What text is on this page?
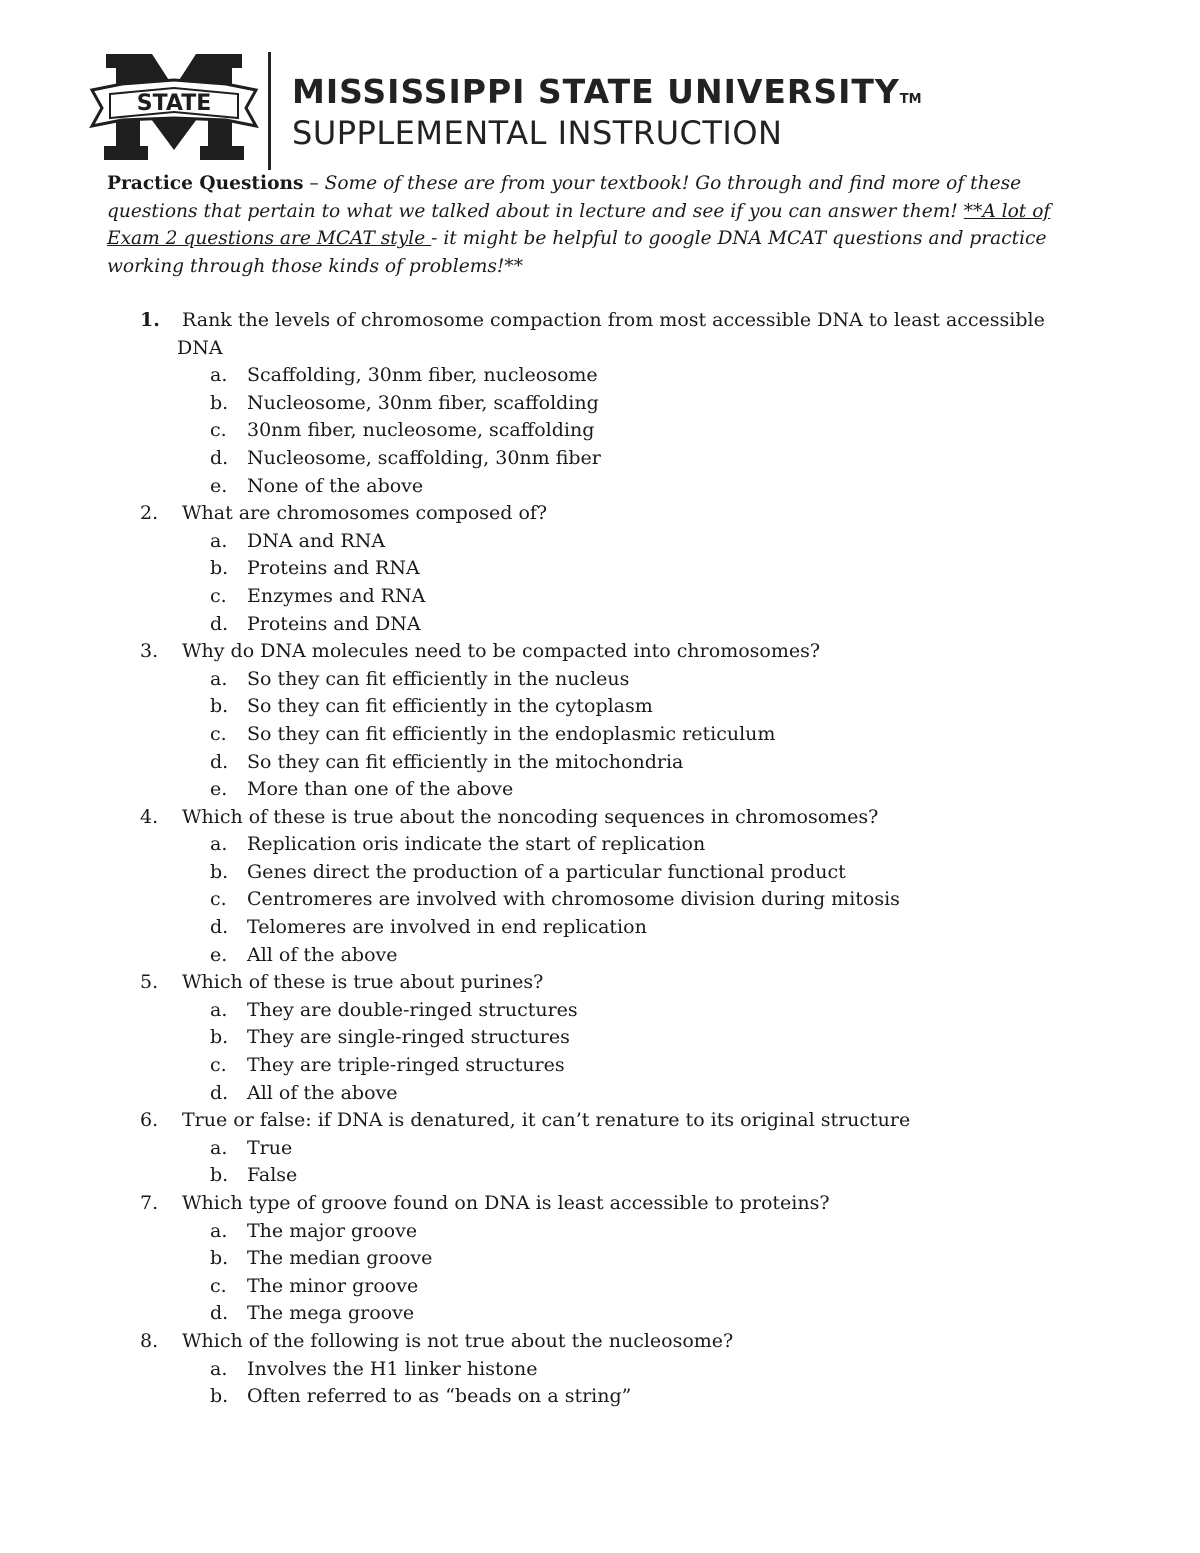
STATE MISSISSIPPI STATE UNIVERSITYTM
SUPPLEMENTAL INSTRUCTION
Practice Questions – Some of these are from your textbook! Go through and find more of these questions that pertain to what we talked about in lecture and see if you can answer them! **A lot of Exam 2 questions are MCAT style - it might be helpful to google DNA MCAT questions and practice working through those kinds of problems!**
1. Rank the levels of chromosome compaction from most accessible DNA to least accessible
DNA
a. Scaffolding, 30nm fiber, nucleosome
b. Nucleosome, 30nm fiber, scaffolding
c. 30nm fiber, nucleosome, scaffolding
d. Nucleosome, scaffolding, 30nm fiber
e. None of the above
2. What are chromosomes composed of?
a. DNA and RNA
b. Proteins and RNA
c. Enzymes and RNA
d. Proteins and DNA
3. Why do DNA molecules need to be compacted into chromosomes?
a. So they can fit efficiently in the nucleus
b. So they can fit efficiently in the cytoplasm
c. So they can fit efficiently in the endoplasmic reticulum
d. So they can fit efficiently in the mitochondria
e. More than one of the above
4. Which of these is true about the noncoding sequences in chromosomes?
a. Replication oris indicate the start of replication
b. Genes direct the production of a particular functional product
c. Centromeres are involved with chromosome division during mitosis
d. Telomeres are involved in end replication
e. All of the above
5. Which of these is true about purines?
a. They are double-ringed structures
b. They are single-ringed structures
c. They are triple-ringed structures
d. All of the above
6. True or false: if DNA is denatured, it can’t renature to its original structure
a. True
b. False
7. Which type of groove found on DNA is least accessible to proteins?
a. The major groove
b. The median groove
c. The minor groove
d. The mega groove
8. Which of the following is not true about the nucleosome?
a. Involves the H1 linker histone
b. Often referred to as “beads on a string”
